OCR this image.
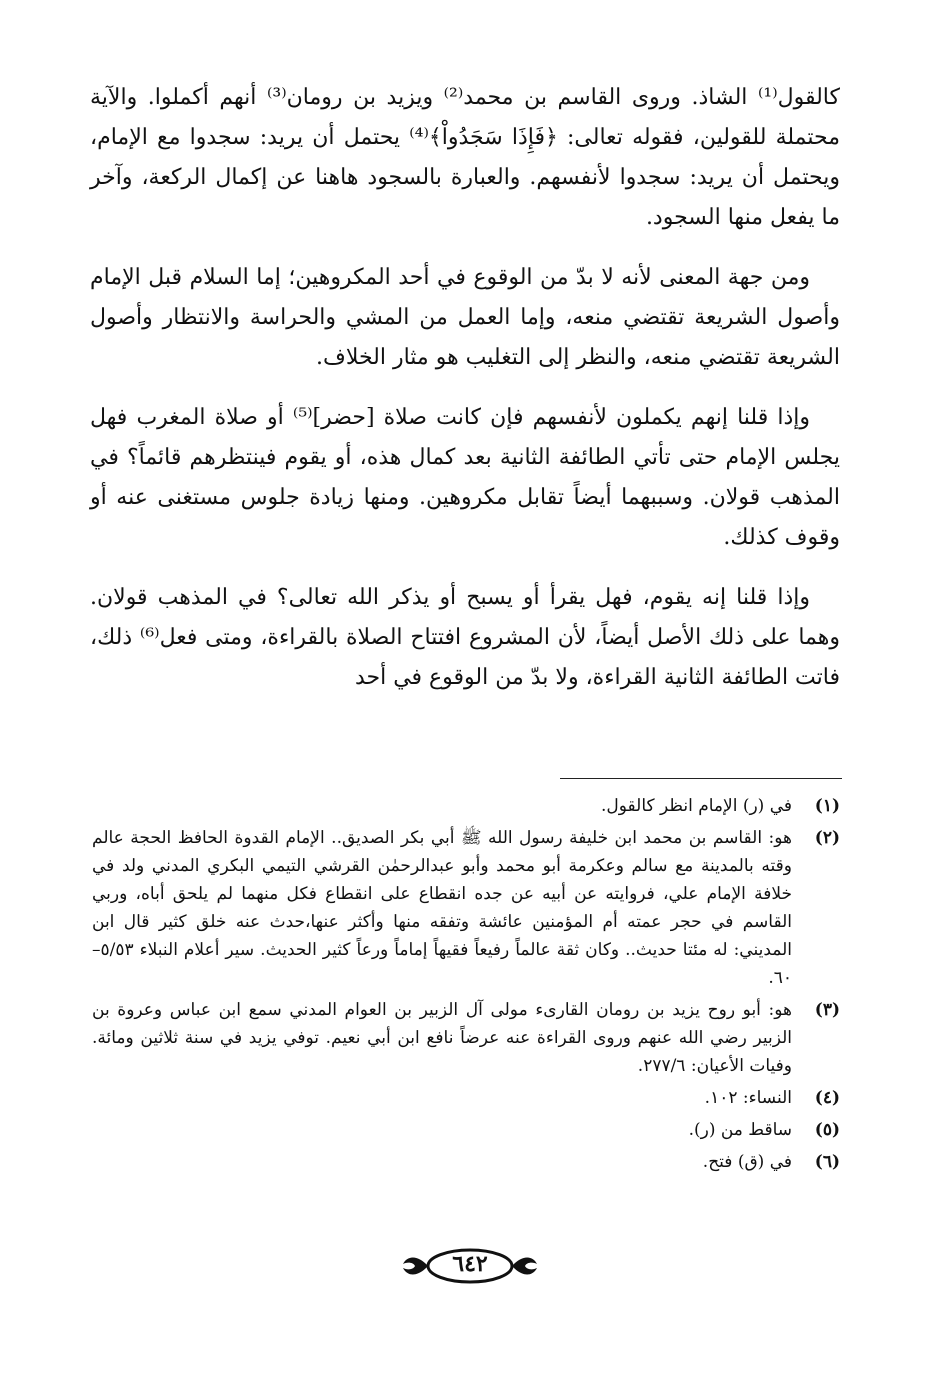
كالقول⁽¹⁾ الشاذ. وروى القاسم بن محمد⁽²⁾ ويزيد بن رومان⁽³⁾ أنهم أكملوا. والآية محتملة للقولين، فقوله تعالى: ﴿فَإِذَا سَجَدُواْ﴾⁽⁴⁾ يحتمل أن يريد: سجدوا مع الإمام، ويحتمل أن يريد: سجدوا لأنفسهم. والعبارة بالسجود هاهنا عن إكمال الركعة، وآخر ما يفعل منها السجود.

ومن جهة المعنى لأنه لا بدّ من الوقوع في أحد المكروهين؛ إما السلام قبل الإمام وأصول الشريعة تقتضي منعه، وإما العمل من المشي والحراسة والانتظار وأصول الشريعة تقتضي منعه، والنظر إلى التغليب هو مثار الخلاف.

وإذا قلنا إنهم يكملون لأنفسهم فإن كانت صلاة [حضر]⁽⁵⁾ أو صلاة المغرب فهل يجلس الإمام حتى تأتي الطائفة الثانية بعد كمال هذه، أو يقوم فينتظرهم قائماً؟ في المذهب قولان. وسببهما أيضاً تقابل مكروهين. ومنها زيادة جلوس مستغنى عنه أو وقوف كذلك.

وإذا قلنا إنه يقوم، فهل يقرأ أو يسبح أو يذكر الله تعالى؟ في المذهب قولان. وهما على ذلك الأصل أيضاً، لأن المشروع افتتاح الصلاة بالقراءة، ومتى فعل⁽⁶⁾ ذلك، فاتت الطائفة الثانية القراءة، ولا بدّ من الوقوع في أحد

(١)
في (ر) الإمام انظر كالقول.
(٢)
هو: القاسم بن محمد ابن خليفة رسول الله ﷺ أبي بكر الصديق.. الإمام القدوة الحافظ الحجة عالم وقته بالمدينة مع سالم وعكرمة أبو محمد وأبو عبدالرحمٰن القرشي التيمي البكري المدني ولد في خلافة الإمام علي، فروايته عن أبيه عن جده انقطاع على انقطاع فكل منهما لم يلحق أباه، وربي القاسم في حجر عمته أم المؤمنين عائشة وتفقه منها وأكثر عنها،حدث عنه خلق كثير قال ابن المديني: له مئتا حديث.. وكان ثقة عالماً رفيعاً فقيهاً إماماً ورعاً كثير الحديث. سير أعلام النبلاء ٥/٥٣– ٦٠.
(٣)
هو: أبو روح يزيد بن رومان القارىء مولى آل الزبير بن العوام المدني سمع ابن عباس وعروة بن الزبير رضي الله عنهم وروى القراءة عنه عرضاً نافع ابن أبي نعيم. توفي يزيد في سنة ثلاثين ومائة. وفيات الأعيان: ٢٧٧/٦.
(٤)
النساء: ١٠٢.
(٥)
ساقط من (ر).
(٦)
في (ق) فتح.
٦٤٢
